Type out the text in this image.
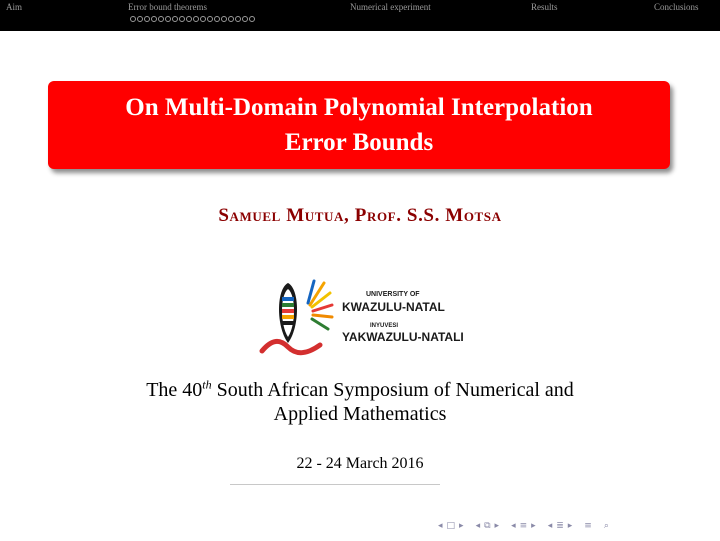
Aim	Error bound theorems	Numerical experiment	Results	Conclusions
On Multi-Domain Polynomial Interpolation
Error Bounds
Samuel Mutua, Prof. S.S. Motsa
UNIVERSITY OF
KWAZULU-NATAL
INYUVESI
YAKWAZULU-NATALI
The 40th South African Symposium of Numerical and
Applied Mathematics
22 - 24 March 2016
◂ □ ▸ ◂ ⧉ ▸ ◂ ≡ ▸ ◂ ≣ ▸ ≡ ⌕
